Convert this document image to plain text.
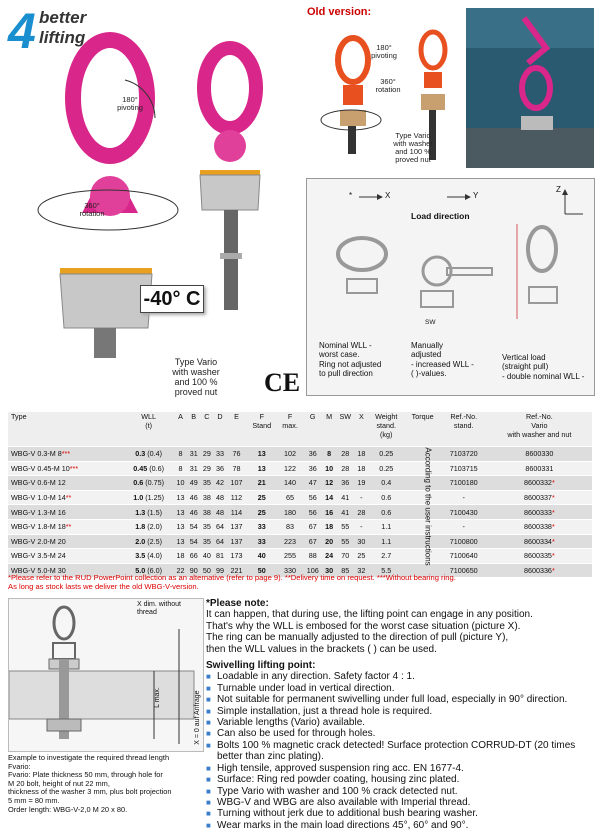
4 better
lifting
180°
pivoting
360°
rotation
-40° C
Type Vario
with washer
and 100 %
proved nut	CE
Old version:
180°
pivoting
360°
rotation
Type Vario
with washer
and 100 %
proved nut
*	X	Y
Z
Load direction
SW
Nominal WLL -
worst case.
Ring not adjusted
to pull direction
Manually
adjusted
- increased WLL -
( )-values.
Vertical load
(straight pull)
- double nominal WLL -
Type	WLL
(t)	A	B	C	D	E	F
Stand	F
max.	G	M	SW	X	Weight
stand.
(kg)	Torque	Ref.-No.
stand.	Ref.-No.
Vario
with washer and nut
WBG-V 0.3-M 8***	0.3 (0.4)	8	31	29	33	76	13	102	36	8	28	18	0.25		7103720	8600330
WBG-V 0.45-M 10***	0.45 (0.6)	8	31	29	36	78	13	122	36	10	28	18	0.25		7103715	8600331
WBG-V 0.6-M 12	0.6 (0.75)	10	49	35	42	107	21	140	47	12	36	19	0.4		7100180	8600332*
WBG-V 1.0-M 14**	1.0 (1.25)	13	46	38	48	112	25	65	56	14	41	-	0.6		-	8600337*
WBG-V 1.3-M 16	1.3 (1.5)	13	46	38	48	114	25	180	56	16	41	28	0.6		7100430	8600333*
WBG-V 1.8-M 18**	1.8 (2.0)	13	54	35	64	137	33	83	67	18	55	-	1.1		-	8600338*
WBG-V 2.0-M 20	2.0 (2.5)	13	54	35	64	137	33	223	67	20	55	30	1.1		7100800	8600334*
WBG-V 3.5-M 24	3.5 (4.0)	18	66	40	81	173	40	255	88	24	70	25	2.7		7100640	8600335*
WBG-V 5.0-M 30	5.0 (6.0)	22	90	50	99	221	50	330	106	30	85	32	5.5		7100650	8600336*
According to the user instructions
*Please refer to the RUD PowerPoint collection as an alternative (refer to page 9). **Delivery time on request. ***Without bearing ring.
As long as stock lasts we deliver the old WBG-V-version.
X dim. without
thread
L max.	X = 0 auf Anfrage
Example to investigate the required thread length
Fvario:
Fvario: Plate thickness 50 mm, through hole for
M 20 bolt, height of nut 22 mm,
thickness of the washer 3 mm, plus bolt projection
5 mm = 80 mm.
Order length: WBG-V-2,0 M 20 x 80.
*Please note:
It can happen, that during use, the lifting point can engage in any position.
That's why the WLL is embosed for the worst case situation (picture X).
The ring can be manually adjusted to the direction of pull (picture Y),
then the WLL values in the brackets ( ) can be used.
Swivelling lifting point:
■ Loadable in any direction. Safety factor 4 : 1.
■ Turnable under load in vertical direction.
■ Not suitable for permanent swivelling under full load, especially in 90° direction.
■ Simple installation, just a thread hole is required.
■ Variable lengths (Vario) available.
■ Can also be used for through holes.
■ Bolts 100 % magnetic crack detected! Surface protection CORRUD-DT (20 times better than zinc plating).
■ High tensile, approved suspension ring acc. EN 1677-4.
■ Surface: Ring red powder coating, housing zinc plated.
■ Type Vario with washer and 100 % crack detected nut.
■ WBG-V and WBG are also available with Imperial thread.
■ Turning without jerk due to additional bush bearing washer.
■ Wear marks in the main load directions 45°, 60° and 90°.
